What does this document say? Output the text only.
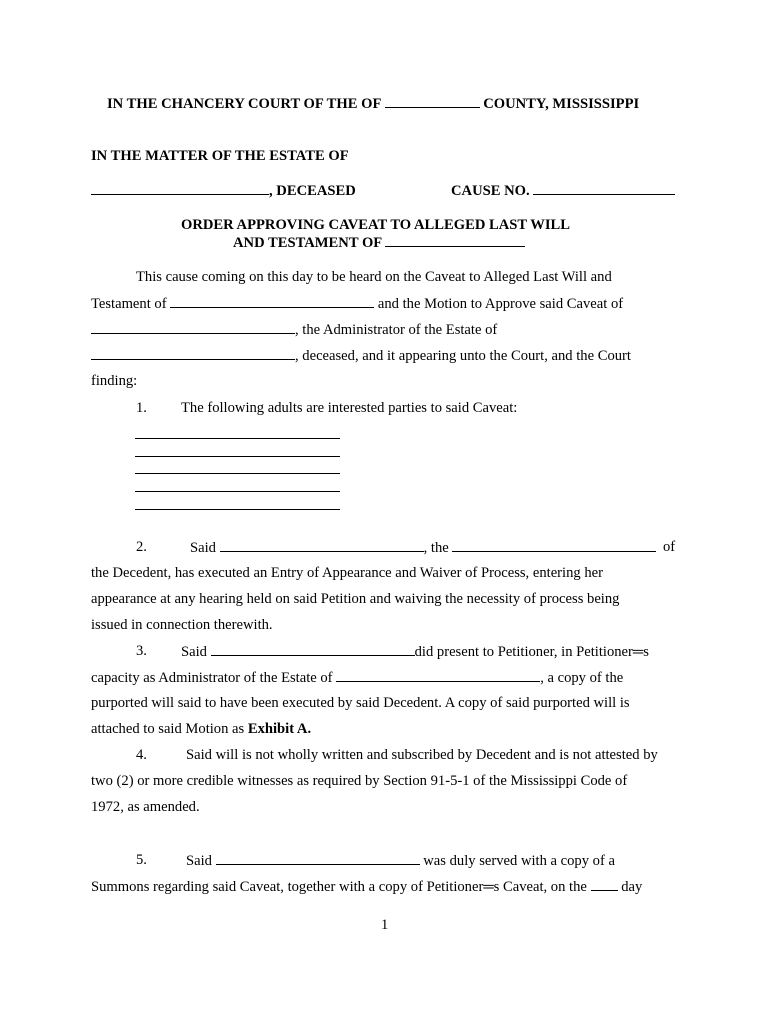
IN THE CHANCERY COURT OF THE OF	COUNTY, MISSISSIPPI
IN THE MATTER OF THE ESTATE OF
, DECEASED	CAUSE NO.
ORDER APPROVING CAVEAT TO ALLEGED LAST WILL
AND TESTAMENT OF
This cause coming on this day to be heard on the Caveat to Alleged Last Will and
Testament of	and the Motion to Approve said Caveat of
, the Administrator of the Estate of
, deceased, and it appearing unto the Court, and the Court
finding:
1. The following adults are interested parties to said Caveat:
2.	Said	, the	of
the Decedent, has executed an Entry of Appearance and Waiver of Process, entering her
appearance at any hearing held on said Petition and waiving the necessity of process being
issued in connection therewith.
3. Said	did present to Petitioner, in Petitioner═s
capacity as Administrator of the Estate of	, a copy of the
purported will said to have been executed by said Decedent. A copy of said purported will is
attached to said Motion as Exhibit A.
4.	Said will is not wholly written and subscribed by Decedent and is not attested by
two (2) or more credible witnesses as required by Section 91-5-1 of the Mississippi Code of
1972, as amended.
5.	Said	was duly served with a copy of a
Summons regarding said Caveat, together with a copy of Petitioner═s Caveat, on the day
1
